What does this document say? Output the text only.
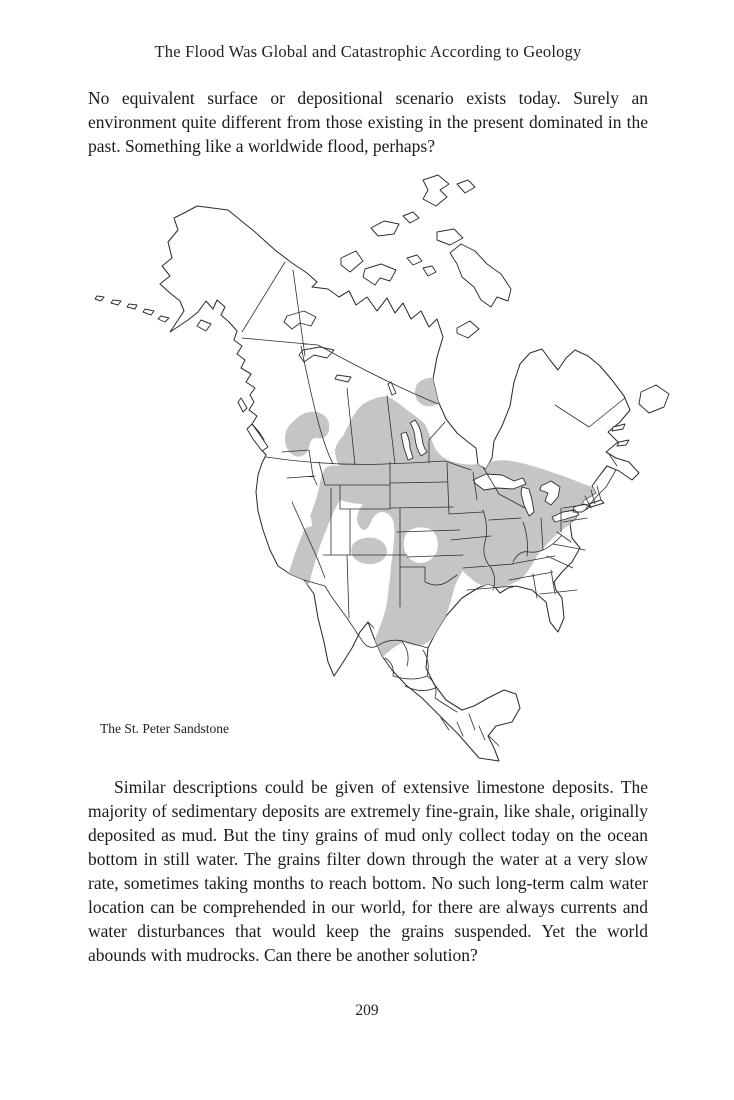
The Flood Was Global and Catastrophic According to Geology

No equivalent surface or depositional scenario exists today. Surely an environment quite different from those existing in the present dominated in the past. Something like a worldwide flood, perhaps?

The St. Peter Sandstone

Similar descriptions could be given of extensive limestone deposits. The majority of sedimentary deposits are extremely fine-grain, like shale, originally deposited as mud. But the tiny grains of mud only collect today on the ocean bottom in still water. The grains filter down through the water at a very slow rate, sometimes taking months to reach bottom. No such long-term calm water location can be comprehended in our world, for there are always currents and water disturbances that would keep the grains suspended. Yet the world abounds with mudrocks. Can there be another solution?

209
